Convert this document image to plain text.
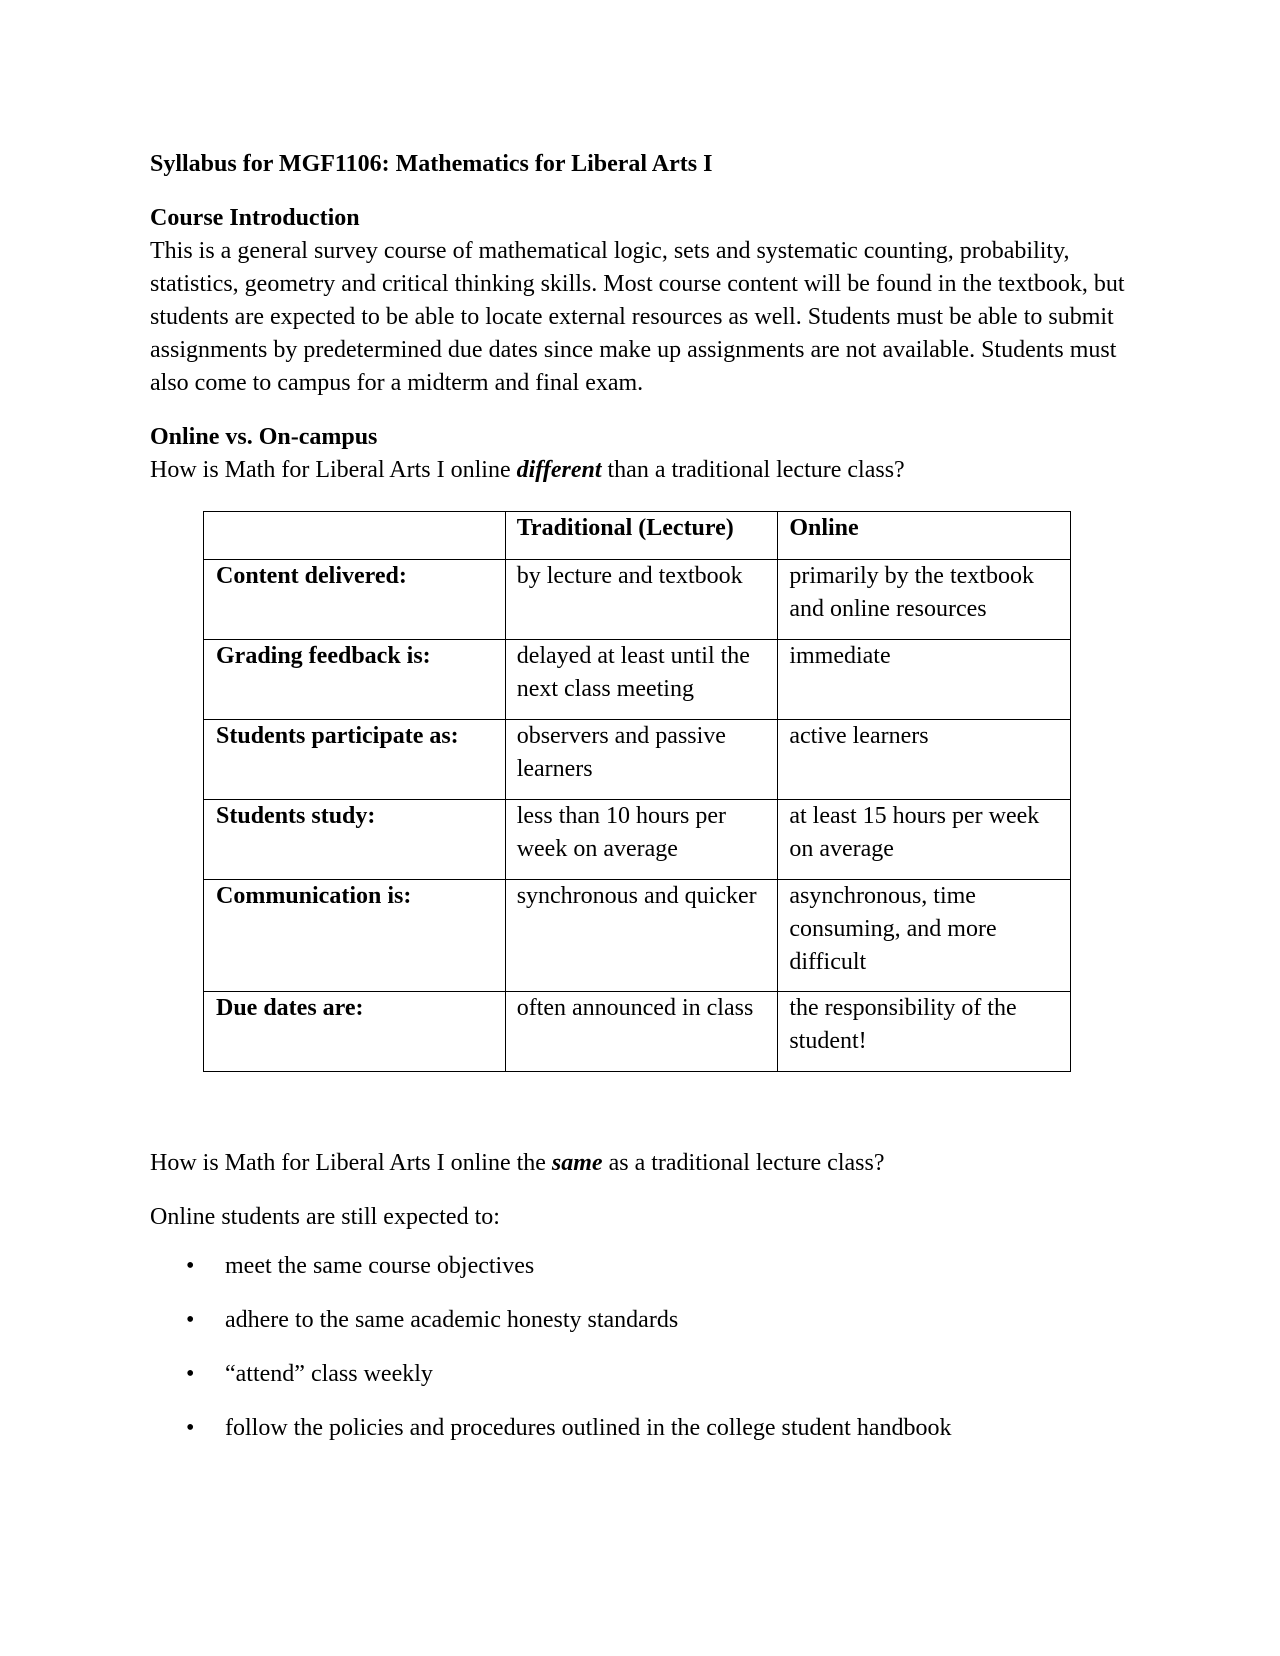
Syllabus for MGF1106: Mathematics for Liberal Arts I

Course Introduction

This is a general survey course of mathematical logic, sets and systematic counting, probability, statistics, geometry and critical thinking skills. Most course content will be found in the textbook, but students are expected to be able to locate external resources as well. Students must be able to submit assignments by predetermined due dates since make up assignments are not available. Students must also come to campus for a midterm and final exam.

Online vs. On-campus

How is Math for Liberal Arts I online different than a traditional lecture class?

	Traditional (Lecture)	Online
Content delivered:	by lecture and textbook	primarily by the textbook and online resources
Grading feedback is:	delayed at least until the next class meeting	immediate
Students participate as:	observers and passive learners	active learners
Students study:	less than 10 hours per week on average	at least 15 hours per week on average
Communication is:	synchronous and quicker	asynchronous, time consuming, and more difficult
Due dates are:	often announced in class	the responsibility of the student!

How is Math for Liberal Arts I online the same as a traditional lecture class?

Online students are still expected to:

• meet the same course objectives
• adhere to the same academic honesty standards
• “attend” class weekly
• follow the policies and procedures outlined in the college student handbook
